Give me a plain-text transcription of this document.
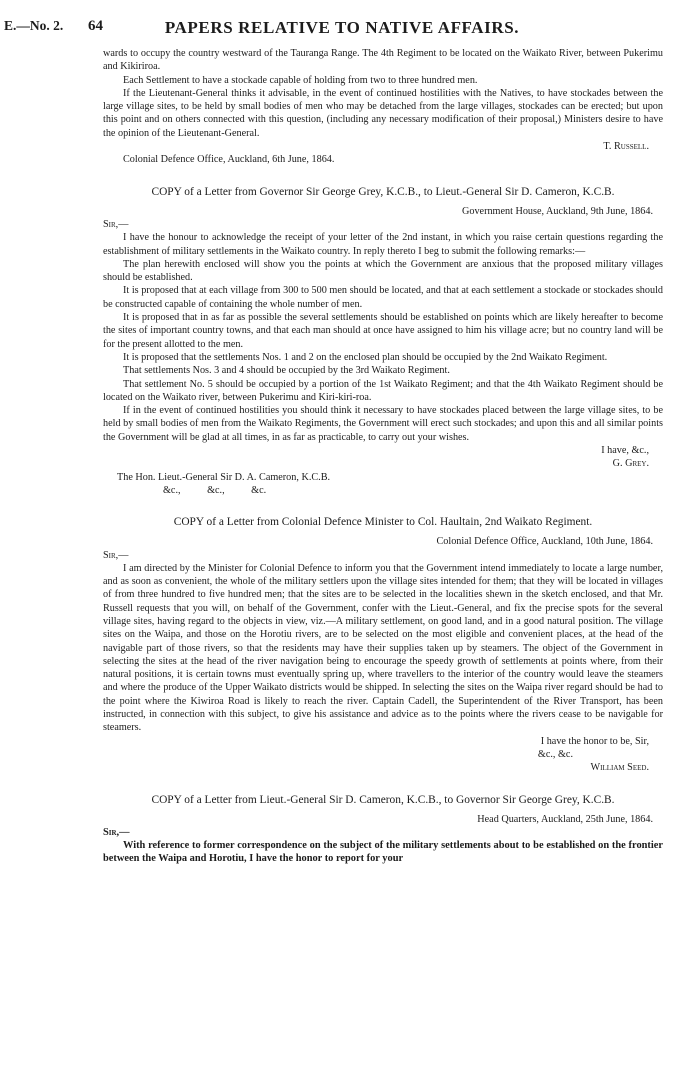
E.—No. 2. 64	PAPERS RELATIVE TO NATIVE AFFAIRS.

wards to occupy the country westward of the Tauranga Range. The 4th Regiment to be located on the Waikato River, between Pukerimu and Kikiriroa.

Each Settlement to have a stockade capable of holding from two to three hundred men.

If the Lieutenant-General thinks it advisable, in the event of continued hostilities with the Natives, to have stockades between the large village sites, to be held by small bodies of men who may be detached from the large villages, stockades can be erected; but upon this point and on others connected with this question, (including any necessary modification of their proposal,) Ministers desire to have the opinion of the Lieutenant-General.

T. Russell.

Colonial Defence Office, Auckland, 6th June, 1864.

COPY of a Letter from Governor Sir George Grey, K.C.B., to Lieut.-General Sir D. Cameron, K.C.B.
Government House, Auckland, 9th June, 1864.

Sir,—

I have the honour to acknowledge the receipt of your letter of the 2nd instant, in which you raise certain questions regarding the establishment of military settlements in the Waikato country. In reply thereto I beg to submit the following remarks:—

The plan herewith enclosed will show you the points at which the Government are anxious that the proposed military villages should be established.

It is proposed that at each village from 300 to 500 men should be located, and that at each settlement a stockade or stockades should be constructed capable of containing the whole number of men.

It is proposed that in as far as possible the several settlements should be established on points which are likely hereafter to become the sites of important country towns, and that each man should at once have assigned to him his village acre; but no country land will be for the present allotted to the men.

It is proposed that the settlements Nos. 1 and 2 on the enclosed plan should be occupied by the 2nd Waikato Regiment.

That settlements Nos. 3 and 4 should be occupied by the 3rd Waikato Regiment.

That settlement No. 5 should be occupied by a portion of the 1st Waikato Regiment; and that the 4th Waikato Regiment should be located on the Waikato river, between Pukerimu and Kiri-kiri-roa.

If in the event of continued hostilities you should think it necessary to have stockades placed between the large village sites, to be held by small bodies of men from the Waikato Regiments, the Government will erect such stockades; and upon this and all similar points the Government will be glad at all times, in as far as practicable, to carry out your wishes.

I have, &c.,
G. Grey.

The Hon. Lieut.-General Sir D. A. Cameron, K.C.B.

&c., &c., &c.

COPY of a Letter from Colonial Defence Minister to Col. Haultain, 2nd Waikato Regiment.
Colonial Defence Office, Auckland, 10th June, 1864.

Sir,—

I am directed by the Minister for Colonial Defence to inform you that the Government intend immediately to locate a large number, and as soon as convenient, the whole of the military settlers upon the village sites intended for them; that they will be located in villages of from three hundred to five hundred men; that the sites are to be selected in the localities shewn in the sketch enclosed, and that Mr. Russell requests that you will, on behalf of the Government, confer with the Lieut.-General, and fix the precise spots for the several village sites, having regard to the objects in view, viz.—A military settlement, on good land, and in a good natural position. The village sites on the Waipa, and those on the Horotiu rivers, are to be selected on the most eligible and convenient places, at the head of the navigable part of those rivers, so that the residents may have their supplies taken up by steamers. The object of the Government in selecting the sites at the head of the river navigation being to encourage the speedy growth of settlements at points where, from their natural positions, it is certain towns must eventually spring up, where travellers to the interior of the country would leave the steamers and where the produce of the Upper Waikato districts would be shipped. In selecting the sites on the Waipa river regard should be had to the point where the Kiwiroa Road is likely to reach the river. Captain Cadell, the Superintendent of the River Transport, has been instructed, in connection with this subject, to give his assistance and advice as to the points where the rivers cease to be navigable for steamers.

I have the honor to be, Sir,
&c., &c.
William Seed.
COPY of a Letter from Lieut.-General Sir D. Cameron, K.C.B., to Governor Sir George Grey, K.C.B.
Head Quarters, Auckland, 25th June, 1864.

Sir,—

With reference to former correspondence on the subject of the military settlements about to be established on the frontier between the Waipa and Horotiu, I have the honor to report for your
